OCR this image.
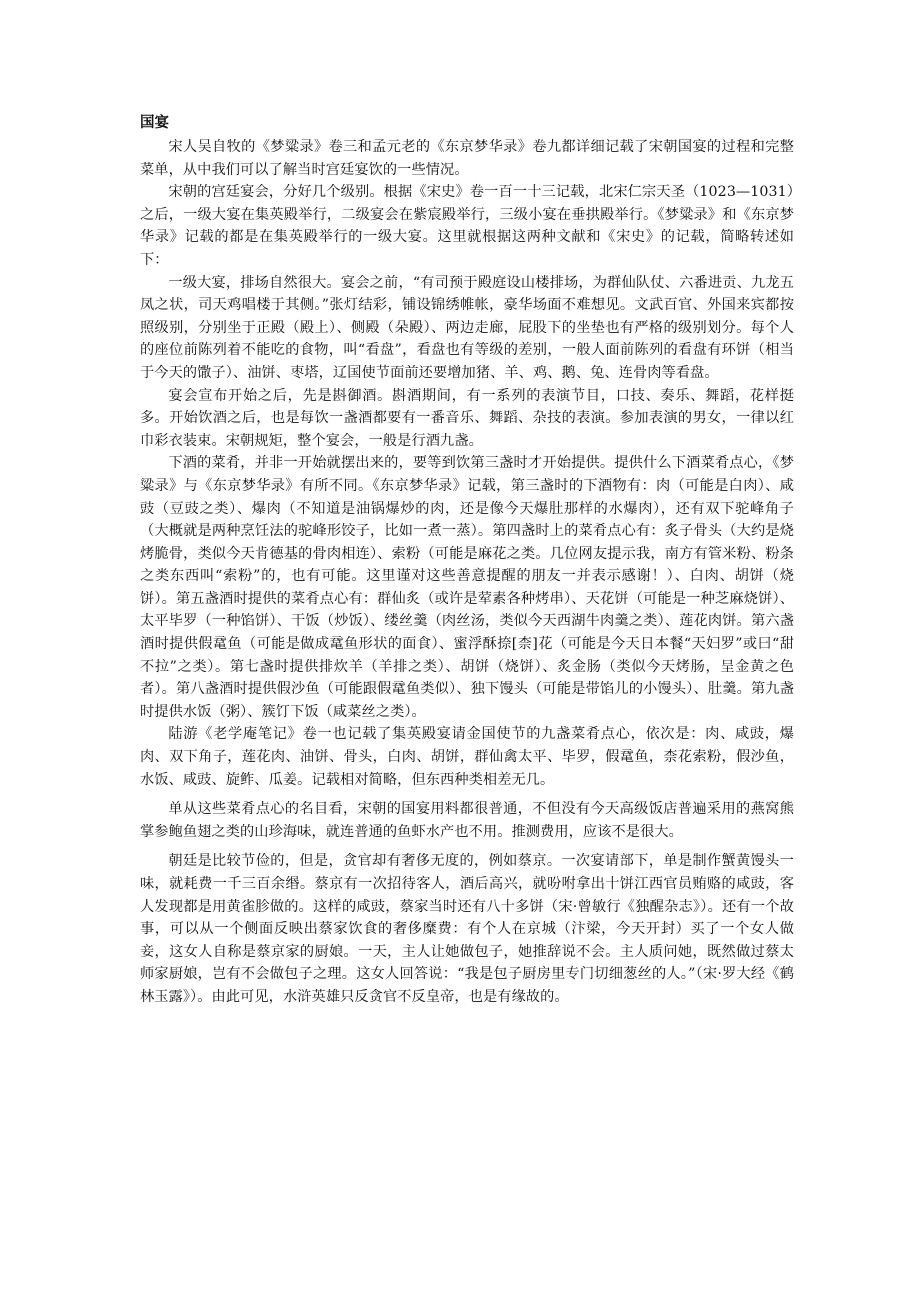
国宴

宋人吴自牧的《梦粱录》卷三和孟元老的《东京梦华录》卷九都详细记载了宋朝国宴的过程和完整菜单，从中我们可以了解当时宫廷宴饮的一些情况。

宋朝的宫廷宴会，分好几个级别。根据《宋史》卷一百一十三记载，北宋仁宗天圣（1023—1031）之后，一级大宴在集英殿举行，二级宴会在紫宸殿举行，三级小宴在垂拱殿举行。《梦粱录》和《东京梦华录》记载的都是在集英殿举行的一级大宴。这里就根据这两种文献和《宋史》的记载，简略转述如下：

一级大宴，排场自然很大。宴会之前，“有司预于殿庭设山楼排场，为群仙队仗、六番进贡、九龙五凤之状，司天鸡唱楼于其侧。”张灯结彩，铺设锦绣帷帐，豪华场面不难想见。文武百官、外国来宾都按照级别，分别坐于正殿（殿上）、侧殿（朵殿）、两边走廊，屁股下的坐垫也有严格的级别划分。每个人的座位前陈列着不能吃的食物，叫“看盘”，看盘也有等级的差别，一般人面前陈列的看盘有环饼（相当于今天的馓子）、油饼、枣塔，辽国使节面前还要增加猪、羊、鸡、鹅、兔、连骨肉等看盘。

宴会宣布开始之后，先是斟御酒。斟酒期间，有一系列的表演节目，口技、奏乐、舞蹈，花样挺多。开始饮酒之后，也是每饮一盏酒都要有一番音乐、舞蹈、杂技的表演。参加表演的男女，一律以红巾彩衣装束。宋朝规矩，整个宴会，一般是行酒九盏。

下酒的菜肴，并非一开始就摆出来的，要等到饮第三盏时才开始提供。提供什么下酒菜肴点心，《梦粱录》与《东京梦华录》有所不同。《东京梦华录》记载，第三盏时的下酒物有：肉（可能是白肉）、咸豉（豆豉之类）、爆肉（不知道是油锅爆炒的肉，还是像今天爆肚那样的水爆肉），还有双下驼峰角子（大概就是两种烹饪法的驼峰形饺子，比如一煮一蒸）。第四盏时上的菜肴点心有：炙子骨头（大约是烧烤脆骨，类似今天肯德基的骨肉相连）、索粉（可能是麻花之类。几位网友提示我，南方有管米粉、粉条之类东西叫“索粉”的，也有可能。这里谨对这些善意提醒的朋友一并表示感谢！）、白肉、胡饼（烧饼）。第五盏酒时提供的菜肴点心有：群仙炙（或许是荤素各种烤串）、天花饼（可能是一种芝麻烧饼）、太平毕罗（一种馅饼）、干饭（炒饭）、缕丝羹（肉丝汤，类似今天西湖牛肉羹之类）、莲花肉饼。第六盏酒时提供假鼋鱼（可能是做成鼋鱼形状的面食）、蜜浮酥捺[柰]花（可能是今天日本餐“天妇罗”或曰“甜不拉”之类）。第七盏时提供排炊羊（羊排之类）、胡饼（烧饼）、炙金肠（类似今天烤肠，呈金黄之色者）。第八盏酒时提供假沙鱼（可能跟假鼋鱼类似）、独下馒头（可能是带馅儿的小馒头）、肚羹。第九盏时提供水饭（粥）、簇饤下饭（咸菜丝之类）。

陆游《老学庵笔记》卷一也记载了集英殿宴请金国使节的九盏菜肴点心，依次是：肉、咸豉，爆肉、双下角子，莲花肉、油饼、骨头，白肉、胡饼，群仙禽太平、毕罗，假鼋鱼，柰花索粉，假沙鱼，水饭、咸豉、旋鲊、瓜姜。记载相对简略，但东西种类相差无几。

单从这些菜肴点心的名目看，宋朝的国宴用料都很普通，不但没有今天高级饭店普遍采用的燕窝熊掌参鲍鱼翅之类的山珍海味，就连普通的鱼虾水产也不用。推测费用，应该不是很大。

朝廷是比较节俭的，但是，贪官却有奢侈无度的，例如蔡京。一次宴请部下，单是制作蟹黄馒头一味，就耗费一千三百余缗。蔡京有一次招待客人，酒后高兴，就吩咐拿出十饼江西官员贿赂的咸豉，客人发现都是用黄雀胗做的。这样的咸豉，蔡家当时还有八十多饼（宋·曾敏行《独醒杂志》）。还有一个故事，可以从一个侧面反映出蔡家饮食的奢侈糜费：有个人在京城（汴梁，今天开封）买了一个女人做妾，这女人自称是蔡京家的厨娘。一天，主人让她做包子，她推辞说不会。主人质问她，既然做过蔡太师家厨娘，岂有不会做包子之理。这女人回答说：“我是包子厨房里专门切细葱丝的人。”（宋·罗大经《鹤林玉露》）。由此可见，水浒英雄只反贪官不反皇帝，也是有缘故的。
